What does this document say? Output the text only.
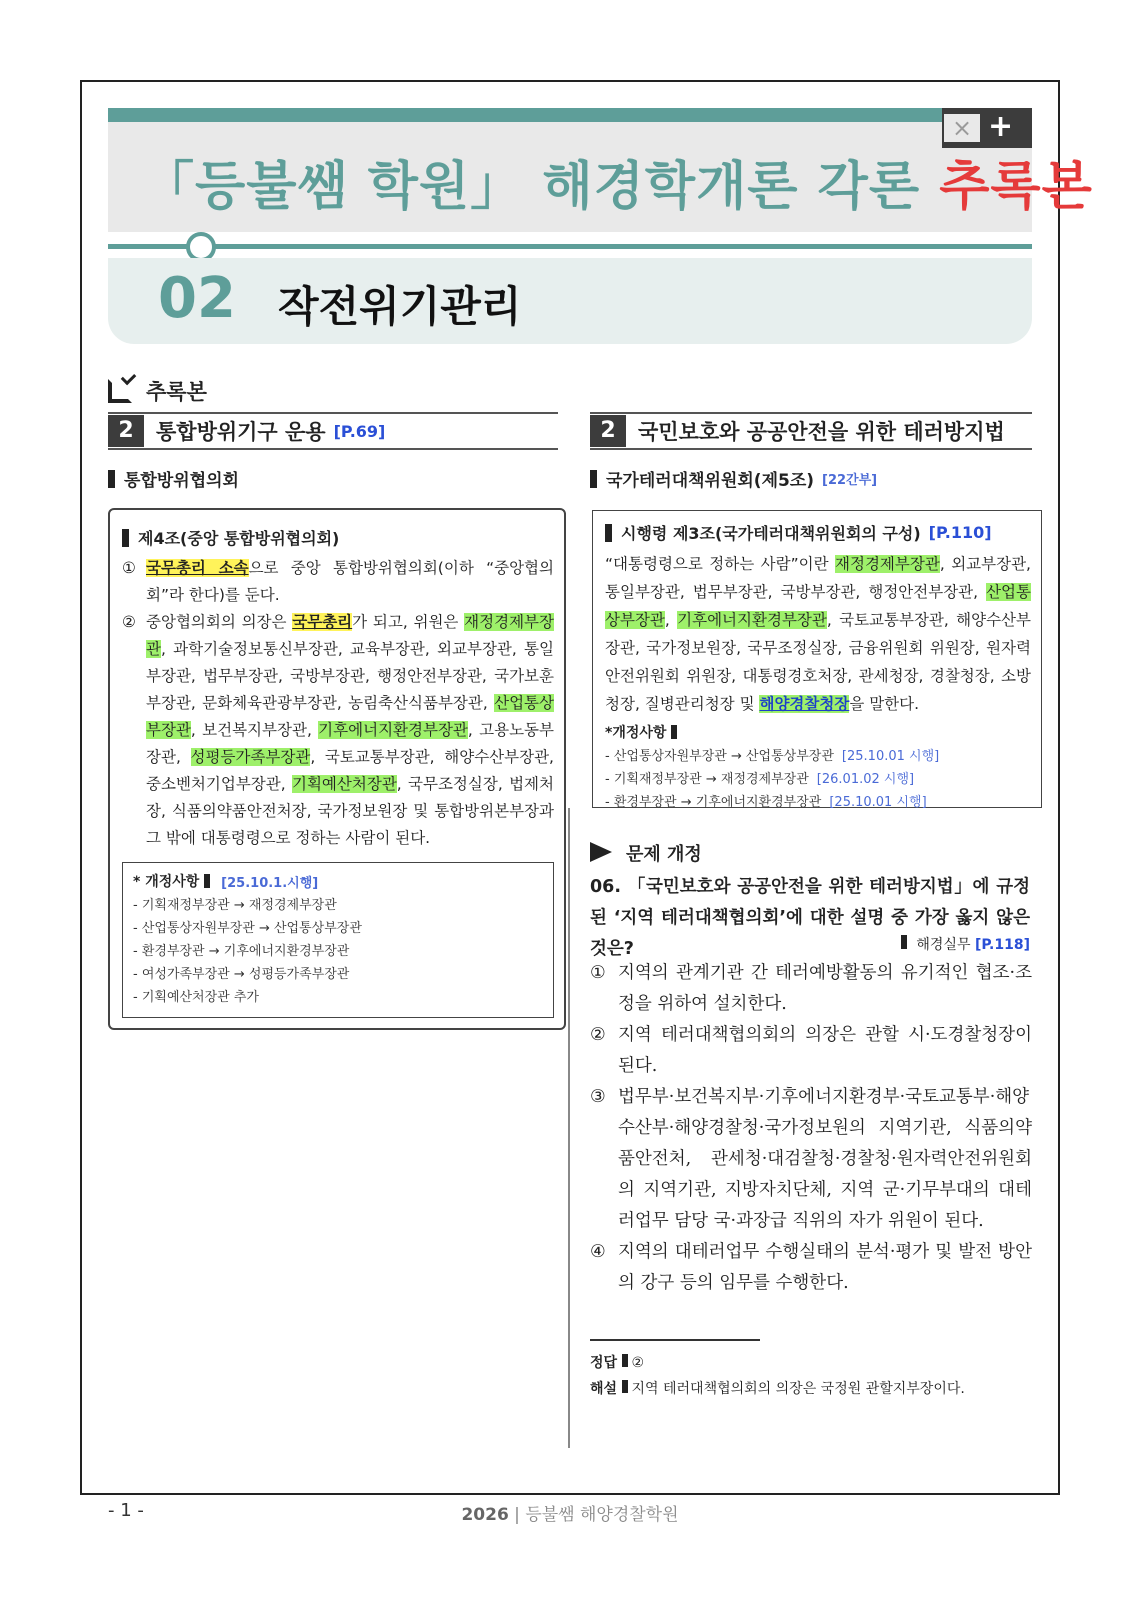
× +
「등불쌤 학원」 해경학개론 각론 추록본
02 작전위기관리
추록본
2	통합방위기구 운용 [P.69]
통합방위협의회
제4조(중앙 통합방위협의회)
① 국무총리 소속으로 중앙 통합방위협의회(이하 “중앙협의회”라 한다)를 둔다.
② 중앙협의회의 의장은 국무총리가 되고, 위원은 재정경제부장관, 과학기술정보통신부장관, 교육부장관, 외교부장관, 통일부장관, 법무부장관, 국방부장관, 행정안전부장관, 국가보훈부장관, 문화체육관광부장관, 농림축산식품부장관, 산업통상부장관, 보건복지부장관, 기후에너지환경부장관, 고용노동부장관, 성평등가족부장관, 국토교통부장관, 해양수산부장관, 중소벤처기업부장관, 기획예산처장관, 국무조정실장, 법제처장, 식품의약품안전처장, 국가정보원장 및 통합방위본부장과 그 밖에 대통령령으로 정하는 사람이 된다.
* 개정사항
[25.10.1.시행]
- 기획재정부장관 → 재정경제부장관
- 산업통상자원부장관 → 산업통상부장관
- 환경부장관 → 기후에너지환경부장관
- 여성가족부장관 → 성평등가족부장관
- 기획예산처장관 추가
2	국민보호와 공공안전을 위한 테러방지법
국가테러대책위원회(제5조) [22간부]
시행령 제3조(국가테러대책위원회의 구성) [P.110]
“대통령령으로 정하는 사람”이란 재정경제부장관, 외교부장관, 통일부장관, 법무부장관, 국방부장관, 행정안전부장관, 산업통상부장관, 기후에너지환경부장관, 국토교통부장관, 해양수산부장관, 국가정보원장, 국무조정실장, 금융위원회 위원장, 원자력안전위원회 위원장, 대통령경호처장, 관세청장, 경찰청장, 소방청장, 질병관리청장 및 해양경찰청장을 말한다.
*개정사항

- 산업통상자원부장관 → 산업통상부장관 [25.10.01 시행]
- 기획재정부장관 → 재정경제부장관 [26.01.02 시행]
- 환경부장관 → 기후에너지환경부장관 [25.10.01 시행]
문제 개정
06. 「국민보호와 공공안전을 위한 테러방지법」에 규정된 ‘지역 테러대책협의회’에 대한 설명 중 가장 옳지 않은 것은?	해경실무 [P.118]
① 지역의 관계기관 간 테러예방활동의 유기적인 협조·조정을 위하여 설치한다.
② 지역 테러대책협의회의 의장은 관할 시·도경찰청장이 된다.
③ 법무부·보건복지부·기후에너지환경부·국토교통부·해양수산부·해양경찰청·국가정보원의 지역기관, 식품의약품안전처, 관세청·대검찰청·경찰청·원자력안전위원회의 지역기관, 지방자치단체, 지역 군·기무부대의 대테러업무 담당 국·과장급 직위의 자가 위원이 된다.
④ 지역의 대테러업무 수행실태의 분석·평가 및 발전 방안의 강구 등의 임무를 수행한다.
정답 ②
해설 지역 테러대책협의회의 의장은 국정원 관할지부장이다.
- 1 -	2026 | 등불쌤 해양경찰학원
